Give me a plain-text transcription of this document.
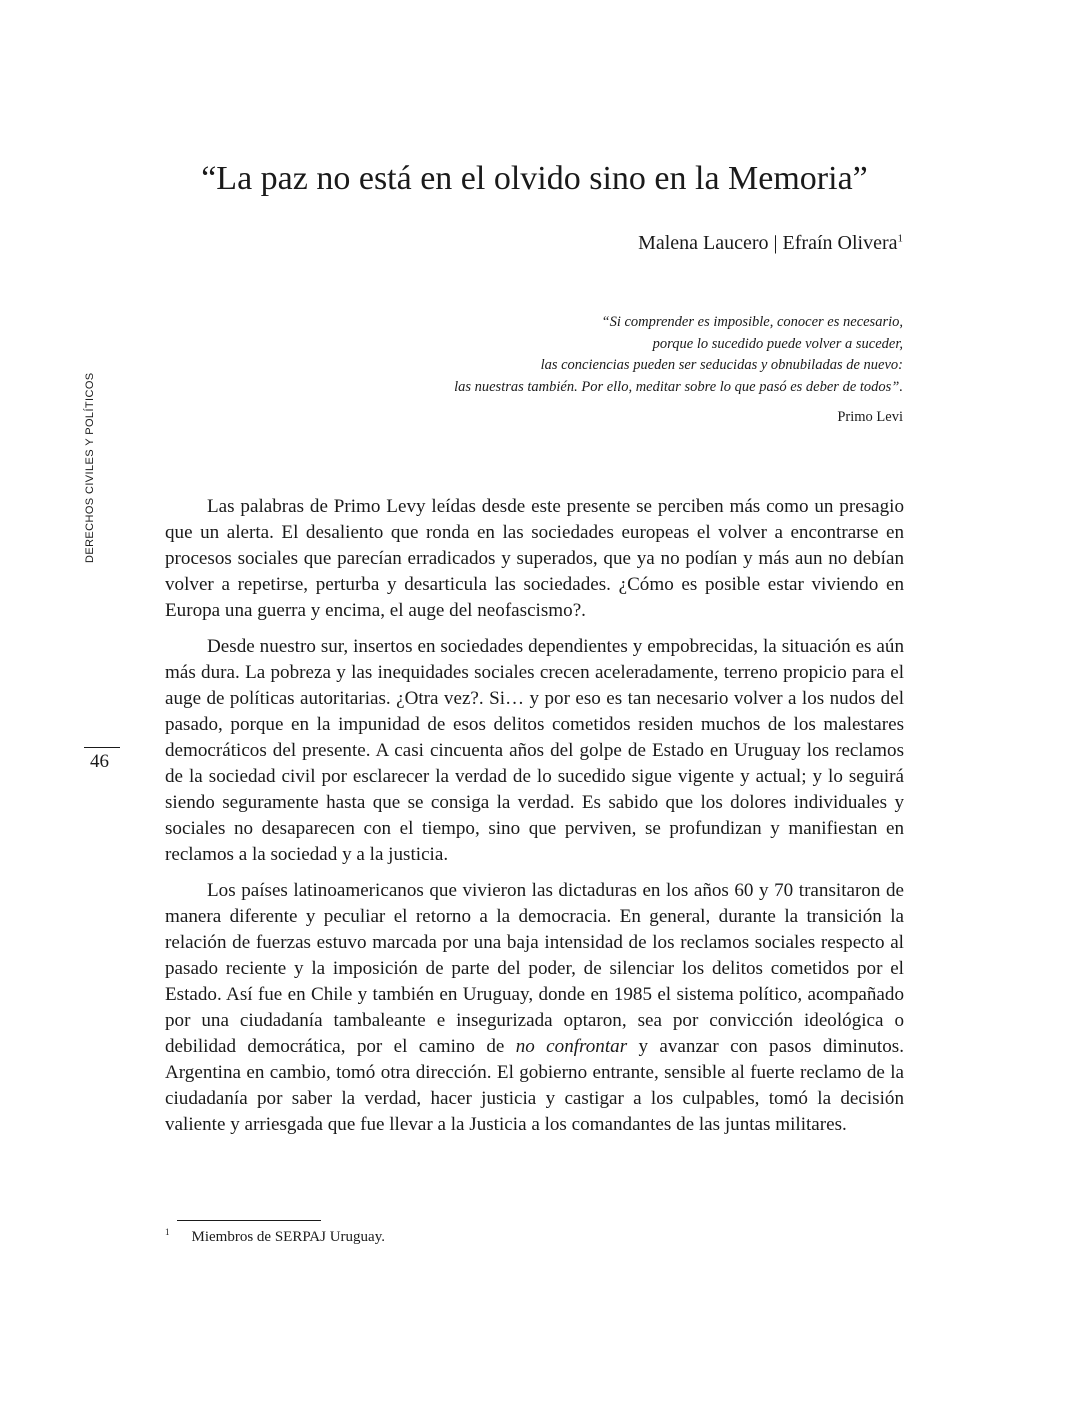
“La paz no está en el olvido sino en la Memoria”
Malena Laucero | Efraín Olivera$^1$
“Si comprender es imposible, conocer es necesario,
porque lo sucedido puede volver a suceder,
las conciencias pueden ser seducidas y obnubiladas de nuevo:
las nuestras también. Por ello, meditar sobre lo que pasó es deber de todos”.
Primo Levi
DERECHOS CIVILES Y POLÍTICOS
46

Las palabras de Primo Levy leídas desde este presente se perciben más como un presagio que un alerta. El desaliento que ronda en las sociedades europeas el volver a encontrarse en procesos sociales que parecían erradicados y superados, que ya no podían y más aun no debían volver a repetirse, perturba y desarticula las sociedades. ¿Cómo es posible estar viviendo en Europa una guerra y encima, el auge del neofascismo?.

Desde nuestro sur, insertos en sociedades dependientes y empobrecidas, la situación es aún más dura. La pobreza y las inequidades sociales crecen aceleradamente, terreno propicio para el auge de políticas autoritarias. ¿Otra vez?. Si… y por eso es tan necesario volver a los nudos del pasado, porque en la impunidad de esos delitos cometidos residen muchos de los malestares democráticos del presente. A casi cincuenta años del golpe de Estado en Uruguay los reclamos de la sociedad civil por esclarecer la verdad de lo sucedido sigue vigente y actual; y lo seguirá siendo seguramente hasta que se consiga la verdad. Es sabido que los dolores individuales y sociales no desaparecen con el tiempo, sino que perviven, se profundizan y manifiestan en reclamos a la sociedad y a la justicia.

Los países latinoamericanos que vivieron las dictaduras en los años 60 y 70 transitaron de manera diferente y peculiar el retorno a la democracia. En general, durante la transición la relación de fuerzas estuvo marcada por una baja intensidad de los reclamos sociales respecto al pasado reciente y la imposición de parte del poder, de silenciar los delitos cometidos por el Estado. Así fue en Chile y también en Uruguay, donde en 1985 el sistema político, acompañado por una ciudadanía tambaleante e insegurizada optaron, sea por convicción ideológica o debilidad democrática, por el camino de no confrontar y avanzar con pasos diminutos. Argentina en cambio, tomó otra dirección. El gobierno entrante, sensible al fuerte reclamo de la ciudadanía por saber la verdad, hacer justicia y castigar a los culpables, tomó la decisión valiente y arriesgada que fue llevar a la Justicia a los comandantes de las juntas militares.

$^1$ Miembros de SERPAJ Uruguay.
